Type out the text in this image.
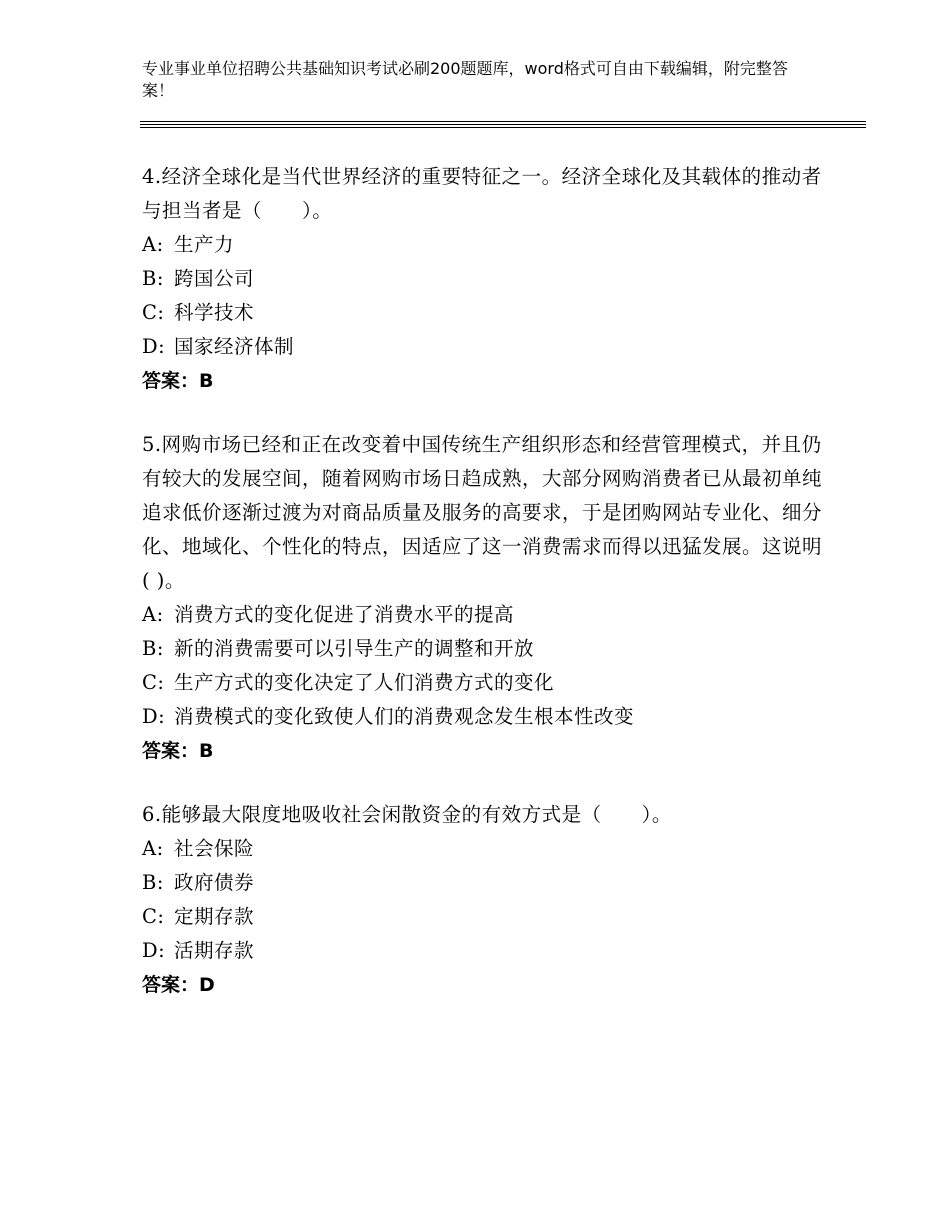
专业事业单位招聘公共基础知识考试必刷200题题库，word格式可自由下载编辑，附完整答案！

4.经济全球化是当代世界经济的重要特征之一。经济全球化及其载体的推动者与担当者是（　　）。

A: 生产力
B: 跨国公司
C: 科学技术
D: 国家经济体制

答案：B

5.网购市场已经和正在改变着中国传统生产组织形态和经营管理模式，并且仍有较大的发展空间，随着网购市场日趋成熟，大部分网购消费者已从最初单纯追求低价逐渐过渡为对商品质量及服务的高要求，于是团购网站专业化、细分化、地域化、个性化的特点，因适应了这一消费需求而得以迅猛发展。这说明( )。

A: 消费方式的变化促进了消费水平的提高
B: 新的消费需要可以引导生产的调整和开放
C: 生产方式的变化决定了人们消费方式的变化
D: 消费模式的变化致使人们的消费观念发生根本性改变

答案：B

6.能够最大限度地吸收社会闲散资金的有效方式是（　　）。

A: 社会保险
B: 政府债券
C: 定期存款
D: 活期存款

答案：D
